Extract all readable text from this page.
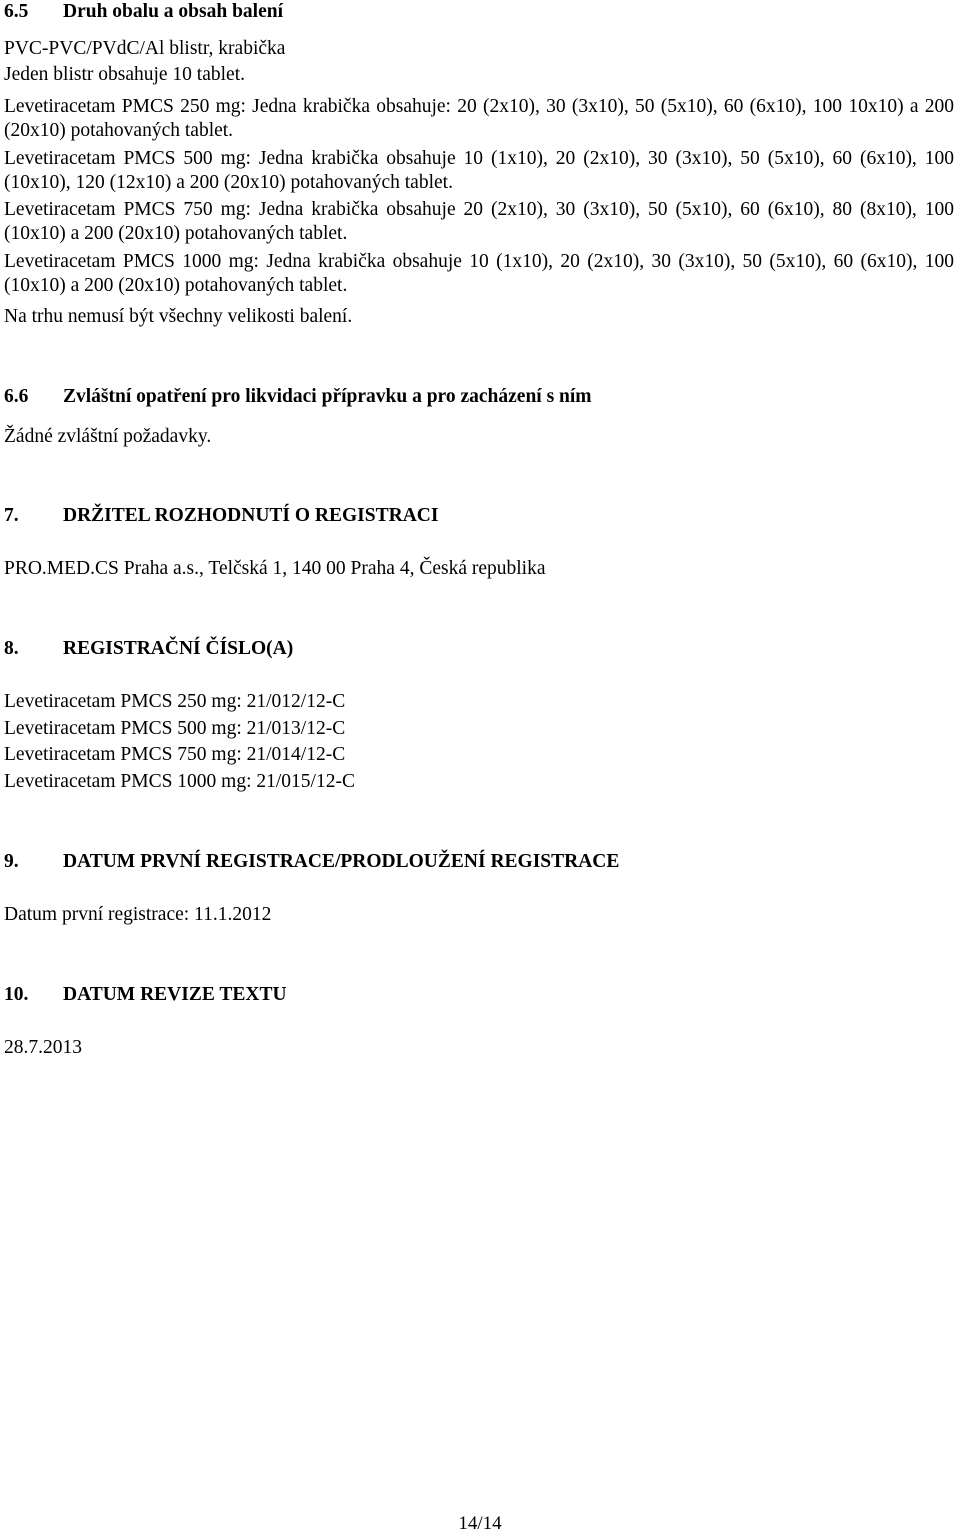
6.5 Druh obalu a obsah balení

PVC-PVC/PVdC/Al blistr, krabička

Jeden blistr obsahuje 10 tablet.

Levetiracetam PMCS 250 mg: Jedna krabička obsahuje: 20 (2x10), 30 (3x10), 50 (5x10), 60 (6x10), 100 10x10) a 200 (20x10) potahovaných tablet.

Levetiracetam PMCS 500 mg: Jedna krabička obsahuje 10 (1x10), 20 (2x10), 30 (3x10), 50 (5x10), 60 (6x10), 100 (10x10), 120 (12x10) a 200 (20x10) potahovaných tablet.

Levetiracetam PMCS 750 mg: Jedna krabička obsahuje 20 (2x10), 30 (3x10), 50 (5x10), 60 (6x10), 80 (8x10), 100 (10x10) a 200 (20x10) potahovaných tablet.

Levetiracetam PMCS 1000 mg: Jedna krabička obsahuje 10 (1x10), 20 (2x10), 30 (3x10), 50 (5x10), 60 (6x10), 100 (10x10) a 200 (20x10) potahovaných tablet.

Na trhu nemusí být všechny velikosti balení.

6.6 Zvláštní opatření pro likvidaci přípravku a pro zacházení s ním

Žádné zvláštní požadavky.

7. DRŽITEL ROZHODNUTÍ O REGISTRACI

PRO.MED.CS Praha a.s., Telčská 1, 140 00 Praha 4, Česká republika

8. REGISTRAČNÍ ČÍSLO(A)

Levetiracetam PMCS 250 mg: 21/012/12-C

Levetiracetam PMCS 500 mg: 21/013/12-C

Levetiracetam PMCS 750 mg: 21/014/12-C

Levetiracetam PMCS 1000 mg: 21/015/12-C

9. DATUM PRVNÍ REGISTRACE/PRODLOUŽENÍ REGISTRACE

Datum první registrace: 11.1.2012

10. DATUM REVIZE TEXTU

28.7.2013

14/14
